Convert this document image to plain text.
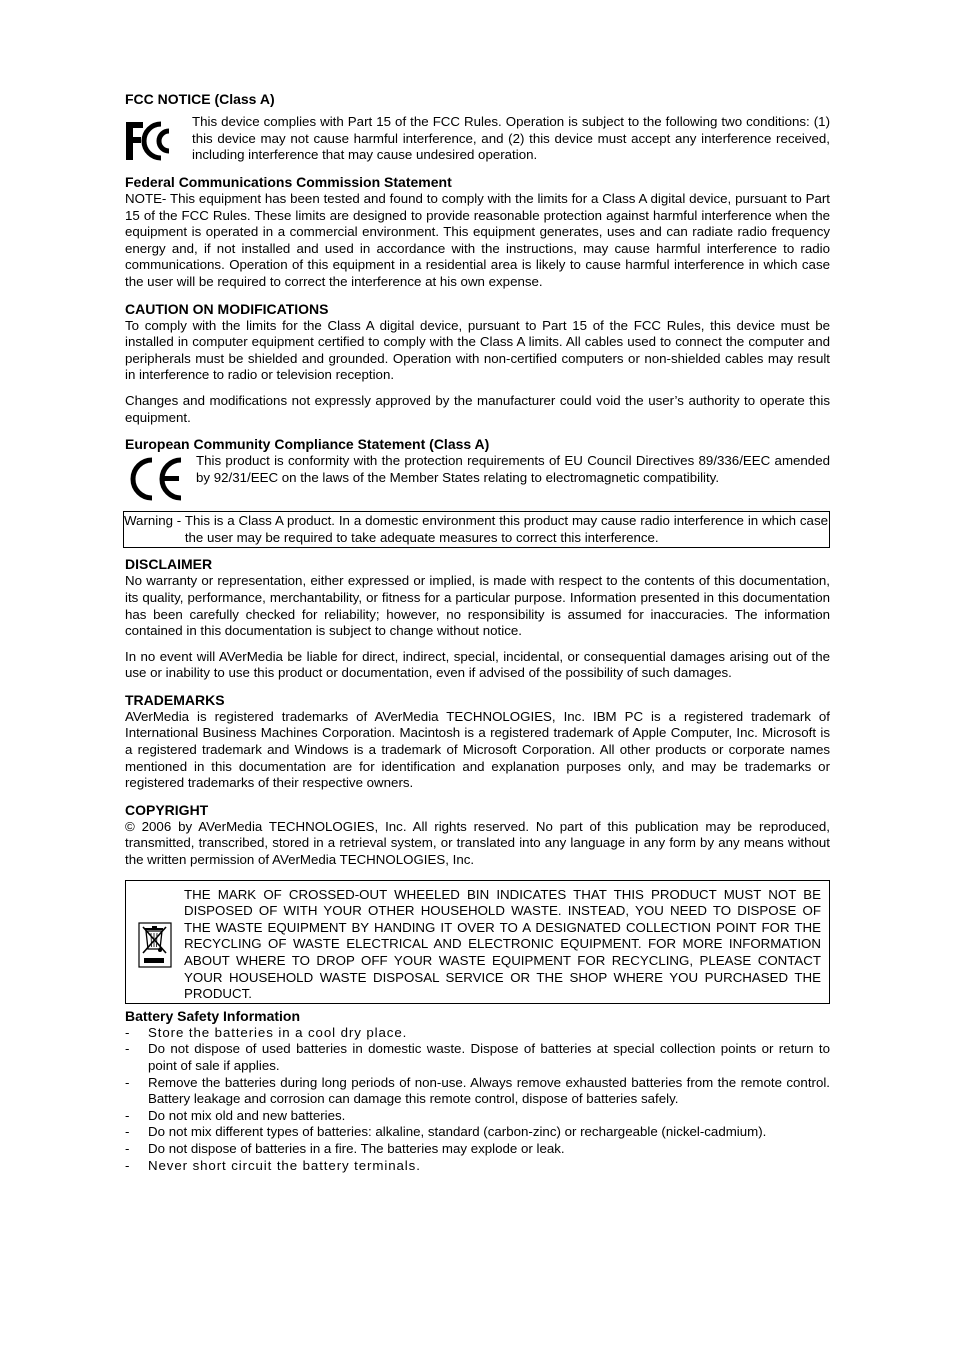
FCC NOTICE (Class A)

FC	This device complies with Part 15 of the FCC Rules. Operation is subject to the following two conditions: (1) this device may not cause harmful interference, and (2) this device must accept any interference received, including interference that may cause undesired operation.

Federal Communications Commission Statement

NOTE- This equipment has been tested and found to comply with the limits for a Class A digital device, pursuant to Part 15 of the FCC Rules. These limits are designed to provide reasonable protection against harmful interference when the equipment is operated in a commercial environment. This equipment generates, uses and can radiate radio frequency energy and, if not installed and used in accordance with the instructions, may cause harmful interference to radio communications. Operation of this equipment in a residential area is likely to cause harmful interference in which case the user will be required to correct the interference at his own expense.

CAUTION ON MODIFICATIONS

To comply with the limits for the Class A digital device, pursuant to Part 15 of the FCC Rules, this device must be installed in computer equipment certified to comply with the Class A limits. All cables used to connect the computer and peripherals must be shielded and grounded. Operation with non-certified computers or non-shielded cables may result in interference to radio or television reception.

Changes and modifications not expressly approved by the manufacturer could void the user’s authority to operate this equipment.

European Community Compliance Statement (Class A)

CE	This product is conformity with the protection requirements of EU Council Directives 89/336/EEC amended by 92/31/EEC on the laws of the Member States relating to electromagnetic compatibility.

Warning - This is a Class A product. In a domestic environment this product may cause radio interference in which case the user may be required to take adequate measures to correct this interference.

DISCLAIMER

No warranty or representation, either expressed or implied, is made with respect to the contents of this documentation, its quality, performance, merchantability, or fitness for a particular purpose. Information presented in this documentation has been carefully checked for reliability; however, no responsibility is assumed for inaccuracies. The information contained in this documentation is subject to change without notice.

In no event will AVerMedia be liable for direct, indirect, special, incidental, or consequential damages arising out of the use or inability to use this product or documentation, even if advised of the possibility of such damages.

TRADEMARKS

AVerMedia is registered trademarks of AVerMedia TECHNOLOGIES, Inc. IBM PC is a registered trademark of International Business Machines Corporation. Macintosh is a registered trademark of Apple Computer, Inc. Microsoft is a registered trademark and Windows is a trademark of Microsoft Corporation. All other products or corporate names mentioned in this documentation are for identification and explanation purposes only, and may be trademarks or registered trademarks of their respective owners.

COPYRIGHT

© 2006 by AVerMedia TECHNOLOGIES, Inc. All rights reserved. No part of this publication may be reproduced, transmitted, transcribed, stored in a retrieval system, or translated into any language in any form by any means without the written permission of AVerMedia TECHNOLOGIES, Inc.

THE MARK OF CROSSED-OUT WHEELED BIN INDICATES THAT THIS PRODUCT MUST NOT BE DISPOSED OF WITH YOUR OTHER HOUSEHOLD WASTE. INSTEAD, YOU NEED TO DISPOSE OF THE WASTE EQUIPMENT BY HANDING IT OVER TO A DESIGNATED COLLECTION POINT FOR THE RECYCLING OF WASTE ELECTRICAL AND ELECTRONIC EQUIPMENT. FOR MORE INFORMATION ABOUT WHERE TO DROP OFF YOUR WASTE EQUIPMENT FOR RECYCLING, PLEASE CONTACT YOUR HOUSEHOLD WASTE DISPOSAL SERVICE OR THE SHOP WHERE YOU PURCHASED THE PRODUCT.

Battery Safety Information

-	Store the batteries in a cool dry place.
-	Do not dispose of used batteries in domestic waste. Dispose of batteries at special collection points or return to point of sale if applies.
-	Remove the batteries during long periods of non-use. Always remove exhausted batteries from the remote control. Battery leakage and corrosion can damage this remote control, dispose of batteries safely.
-	Do not mix old and new batteries.
-	Do not mix different types of batteries: alkaline, standard (carbon-zinc) or rechargeable (nickel-cadmium).
-	Do not dispose of batteries in a fire. The batteries may explode or leak.
-	Never short circuit the battery terminals.
